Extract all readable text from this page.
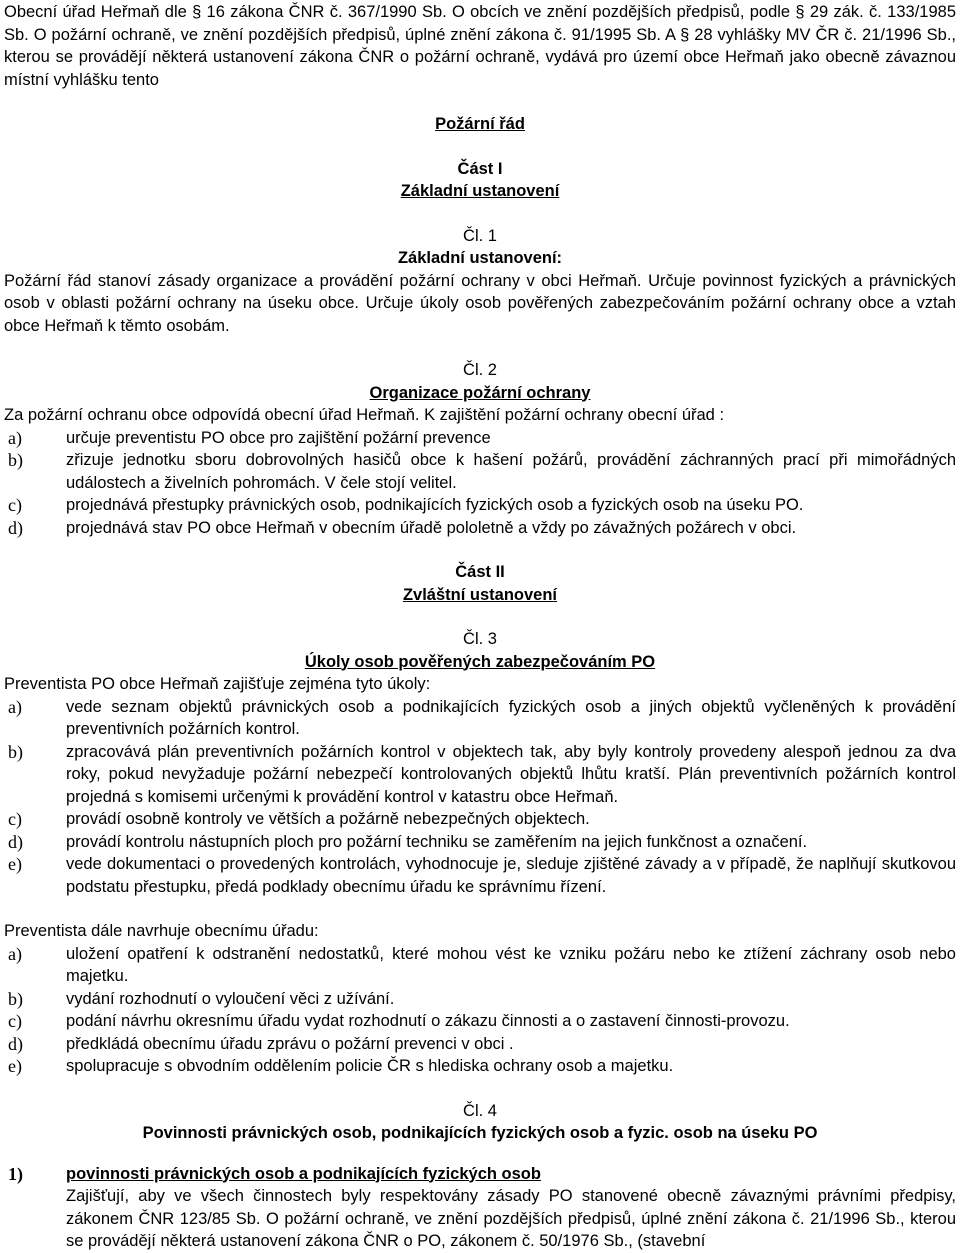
Obecní úřad Heřmaň dle § 16 zákona ČNR č. 367/1990 Sb. O obcích ve znění pozdějších předpisů, podle § 29 zák. č. 133/1985 Sb. O požární ochraně, ve znění pozdějších předpisů, úplné znění zákona č. 91/1995 Sb. A § 28 vyhlášky MV ČR č. 21/1996 Sb., kterou se provádějí některá ustanovení zákona ČNR o požární ochraně, vydává pro území obce Heřmaň jako obecně závaznou místní vyhlášku tento

Požární řád

Část I

Základní ustanovení

Čl. 1

Základní ustanovení:

Požární řád stanoví zásady organizace a provádění požární ochrany v obci Heřmaň. Určuje povinnost fyzických a právnických osob v oblasti požární ochrany na úseku obce. Určuje úkoly osob pověřených zabezpečováním požární ochrany obce a vztah obce Heřmaň k těmto osobám.

Čl. 2

Organizace požární ochrany

Za požární ochranu obce odpovídá obecní úřad Heřmaň. K zajištění požární ochrany obecní úřad :

a)	určuje preventistu PO obce pro zajištění požární prevence
b)	zřizuje jednotku sboru dobrovolných hasičů obce k hašení požárů, provádění záchranných prací při mimořádných událostech a živelních pohromách. V čele stojí velitel.
c)	projednává přestupky právnických osob, podnikajících fyzických osob a fyzických osob na úseku PO.
d)	projednává stav PO obce Heřmaň v obecním úřadě pololetně a vždy po závažných požárech v obci.

Část II

Zvláštní ustanovení

Čl. 3

Úkoly osob pověřených zabezpečováním PO

Preventista PO obce Heřmaň zajišťuje zejména tyto úkoly:

a)	vede seznam objektů právnických osob a podnikajících fyzických osob a jiných objektů vyčleněných k provádění preventivních požárních kontrol.
b)	zpracovává plán preventivních požárních kontrol v objektech tak, aby byly kontroly provedeny alespoň jednou za dva roky, pokud nevyžaduje požární nebezpečí kontrolovaných objektů lhůtu kratší. Plán preventivních požárních kontrol projedná s komisemi určenými k provádění kontrol v katastru obce Heřmaň.
c)	provádí osobně kontroly ve větších a požárně nebezpečných objektech.
d)	provádí kontrolu nástupních ploch pro požární techniku se zaměřením na jejich funkčnost a označení.
e)	vede dokumentaci o provedených kontrolách, vyhodnocuje je, sleduje zjištěné závady a v případě, že naplňují skutkovou podstatu přestupku, předá podklady obecnímu úřadu ke správnímu řízení.

Preventista dále navrhuje obecnímu úřadu:

a)	uložení opatření k odstranění nedostatků, které mohou vést ke vzniku požáru nebo ke ztížení záchrany osob nebo majetku.
b)	vydání rozhodnutí o vyloučení věci z užívání.
c)	podání návrhu okresnímu úřadu vydat rozhodnutí o zákazu činnosti a o zastavení činnosti-provozu.
d)	předkládá obecnímu úřadu zprávu o požární prevenci v obci .
e)	spolupracuje s obvodním oddělením policie ČR s hlediska ochrany osob a majetku.

Čl. 4

Povinnosti právnických osob, podnikajících fyzických osob a fyzic. osob na úseku PO

1)	povinnosti právnických osob a podnikajících fyzických osob
Zajišťují, aby ve všech činnostech byly respektovány zásady PO stanovené obecně závaznými právními předpisy, zákonem ČNR 123/85 Sb. O požární ochraně, ve znění pozdějších předpisů, úplné znění zákona č. 21/1996 Sb., kterou se provádějí některá ustanovení zákona ČNR o PO, zákonem č. 50/1976 Sb., (stavební
